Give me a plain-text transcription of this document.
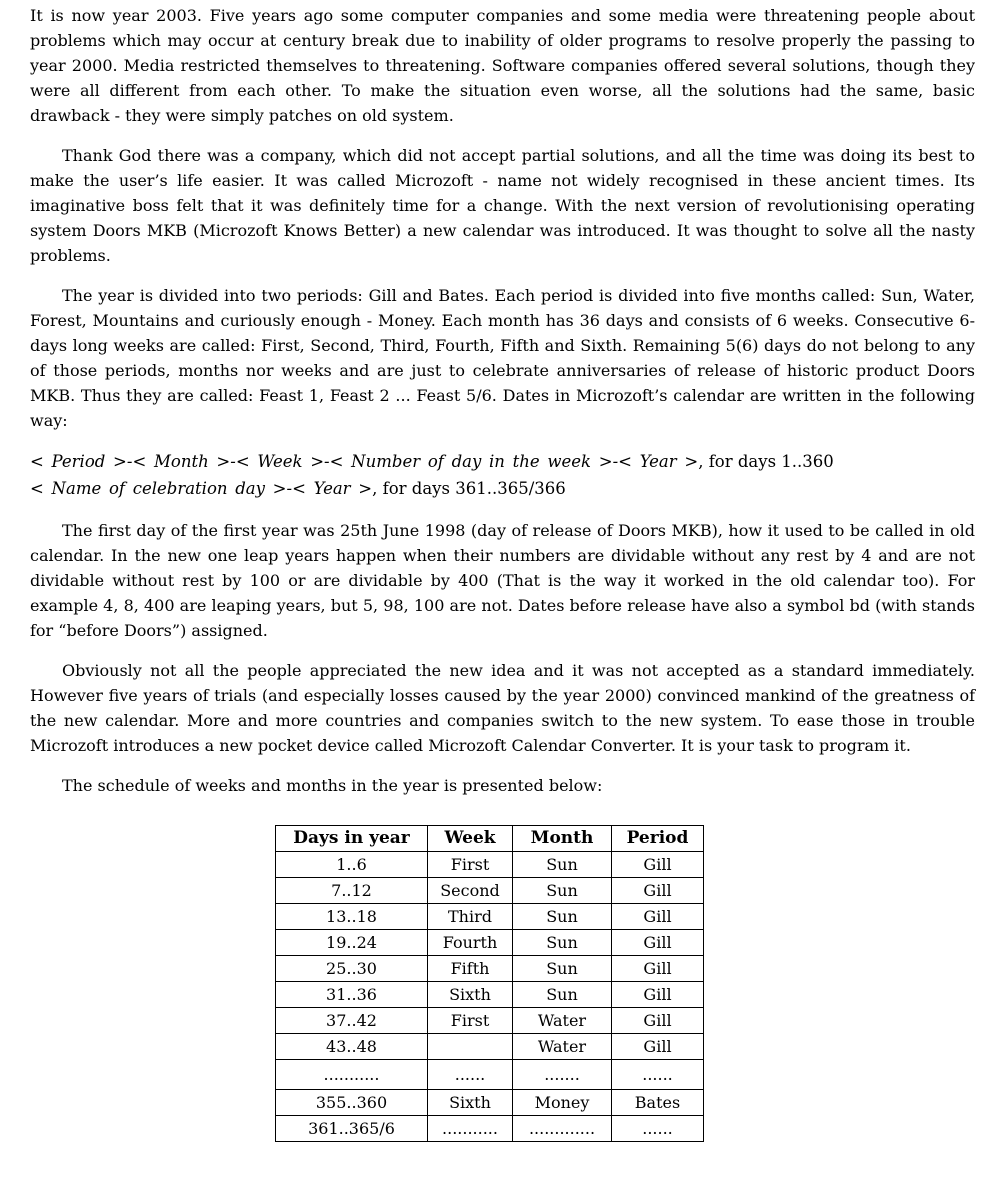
It is now year 2003. Five years ago some computer companies and some media were threatening people about problems which may occur at century break due to inability of older programs to resolve properly the passing to year 2000. Media restricted themselves to threatening. Software companies offered several solutions, though they were all different from each other. To make the situation even worse, all the solutions had the same, basic drawback - they were simply patches on old system.

Thank God there was a company, which did not accept partial solutions, and all the time was doing its best to make the user’s life easier. It was called Microzoft - name not widely recognised in these ancient times. Its imaginative boss felt that it was definitely time for a change. With the next version of revolutionising operating system Doors MKB (Microzoft Knows Better) a new calendar was introduced. It was thought to solve all the nasty problems.

The year is divided into two periods: Gill and Bates. Each period is divided into five months called: Sun, Water, Forest, Mountains and curiously enough - Money. Each month has 36 days and consists of 6 weeks. Consecutive 6-days long weeks are called: First, Second, Third, Fourth, Fifth and Sixth. Remaining 5(6) days do not belong to any of those periods, months nor weeks and are just to celebrate anniversaries of release of historic product Doors MKB. Thus they are called: Feast 1, Feast 2 ... Feast 5/6. Dates in Microzoft’s calendar are written in the following way:

< Period >-< Month >-< Week >-< Number of day in the week >-< Year >, for days 1..360
< Name of celebration day >-< Year >, for days 361..365/366

The first day of the first year was 25th June 1998 (day of release of Doors MKB), how it used to be called in old calendar. In the new one leap years happen when their numbers are dividable without any rest by 4 and are not dividable without rest by 100 or are dividable by 400 (That is the way it worked in the old calendar too). For example 4, 8, 400 are leaping years, but 5, 98, 100 are not. Dates before release have also a symbol bd (with stands for “before Doors”) assigned.

Obviously not all the people appreciated the new idea and it was not accepted as a standard immediately. However five years of trials (and especially losses caused by the year 2000) convinced mankind of the greatness of the new calendar. More and more countries and companies switch to the new system. To ease those in trouble Microzoft introduces a new pocket device called Microzoft Calendar Converter. It is your task to program it.

The schedule of weeks and months in the year is presented below:

Days in year	Week	Month	Period
1..6	First	Sun	Gill
7..12	Second	Sun	Gill
13..18	Third	Sun	Gill
19..24	Fourth	Sun	Gill
25..30	Fifth	Sun	Gill
31..36	Sixth	Sun	Gill
37..42	First	Water	Gill
43..48		Water	Gill
...........	......	.......	......
355..360	Sixth	Money	Bates
361..365/6	...........	.............	......
